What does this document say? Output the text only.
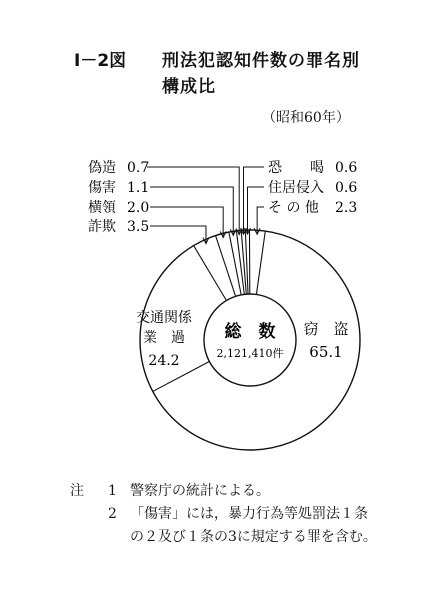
I－2図 刑法犯認知件数の罪名別
構成比
（昭和60年）
総　数
2,121,410件
窃　盗
65.1
交通関係
業　過
24.2
偽造 0.7
傷害 1.1
横領 2.0
詐欺 3.5
恐　　喝 0.6
住居侵入 0.6
そ の 他 2.3
注	1 警察庁の統計による。
2 「傷害」には，暴力行為等処罰法１条の２及び１条の3に規定する罪を含む。
